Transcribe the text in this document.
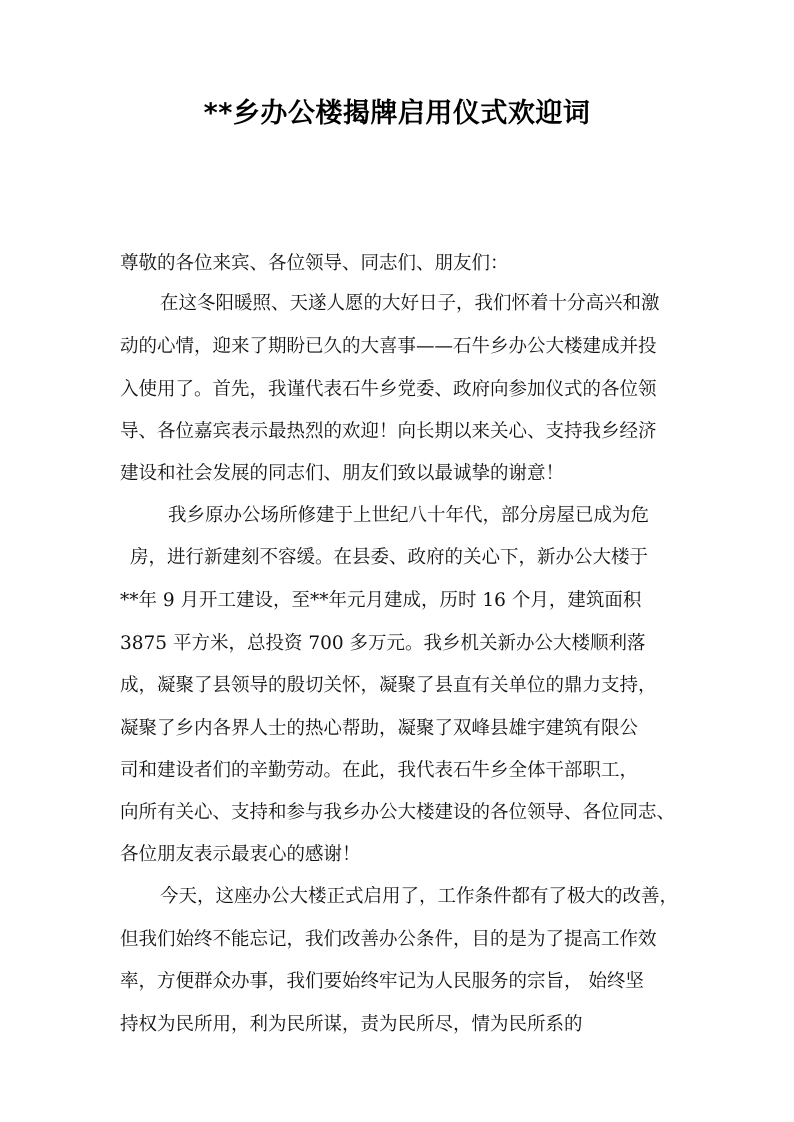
**乡办公楼揭牌启用仪式欢迎词
尊敬的各位来宾、各位领导、同志们、朋友们：
在这冬阳暖照、天遂人愿的大好日子，我们怀着十分高兴和激
动的心情，迎来了期盼已久的大喜事——石牛乡办公大楼建成并投
入使用了。首先，我谨代表石牛乡党委、政府向参加仪式的各位领
导、各位嘉宾表示最热烈的欢迎！向长期以来关心、支持我乡经济
建设和社会发展的同志们、朋友们致以最诚挚的谢意！
我乡原办公场所修建于上世纪八十年代，部分房屋已成为危
房，进行新建刻不容缓。在县委、政府的关心下，新办公大楼于
**年 9 月开工建设，至**年元月建成，历时 16 个月，建筑面积
3875 平方米，总投资 700 多万元。我乡机关新办公大楼顺利落
成，凝聚了县领导的殷切关怀，凝聚了县直有关单位的鼎力支持，
凝聚了乡内各界人士的热心帮助，凝聚了双峰县雄宇建筑有限公
司和建设者们的辛勤劳动。在此，我代表石牛乡全体干部职工，
向所有关心、支持和参与我乡办公大楼建设的各位领导、各位同志、
各位朋友表示最衷心的感谢！
今天，这座办公大楼正式启用了，工作条件都有了极大的改善，
但我们始终不能忘记，我们改善办公条件，目的是为了提高工作效
率，方便群众办事，我们要始终牢记为人民服务的宗旨， 始终坚
持权为民所用，利为民所谋，责为民所尽，情为民所系的
